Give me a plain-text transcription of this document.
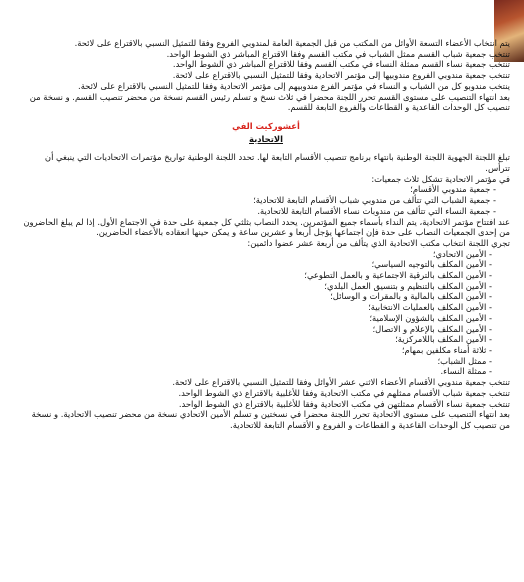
يتم انتخاب الأعضاء التسعة الأوائل من المكتب من قبل الجمعية العامة لمندوبي الفروع وفقا للتمثيل النسبي بالاقتراع على لائحة.

تنتخب جمعية شباب القسم ممثل الشباب في مكتب القسم وفقا الاقتراع المباشر ذي الشوط الواحد.

تنتخب جمعية نساء القسم ممثلة النساء في مكتب القسم وفقا للاقتراع المباشر ذي الشوط الواحد.

تنتخب جمعية مندوبي الفروع مندوبيها إلى مؤتمر الاتحادية وفقا للتمثيل النسبي بالاقتراع على لائحة.

ينتخب مندوبو كل من الشباب و النساء في مؤتمر الفرع مندوبيهم إلى مؤتمر الاتحادية وفقا للتمثيل النسبي بالاقتراع على لائحة.

بعد انتهاء التنصيب على مستوى القسم تحرر اللجنة محضرا في ثلاث نسخ و تسلم رئيس القسم نسخة من محضر تنصيب القسم. و نسخة من تنصيب كل الوحدات القاعدية و القطاعات والفروع التابعة للقسم.

أعشوركيت الفي

الاتحادية

تبلغ اللجنة الجهوية اللجنة الوطنية بانتهاء برنامج تنصيب الأقسام التابعة لها. تحدد اللجنة الوطنية تواريخ مؤتمرات الاتحاديات التي ينبغي أن تترأس.

في مؤتمر الاتحادية تشكل ثلاث جمعيات:

- جمعية مندوبي الأقسام؛
- جمعية الشباب التي تتألف من مندوبي شباب الأقسام التابعة للاتحادية؛
- جمعية النساء التي تتألف من مندوبات نساء الأقسام التابعة للاتحادية.

عند افتتاح مؤتمر الاتحادية، يتم النداء بأسماء جميع المؤتمرين. يحدد النصاب بثلثي كل جمعية على حدة في الاجتماع الأول. إذا لم يبلغ الحاضرون من إحدى الجمعيات النصاب على حدة فإن اجتماعها يؤجل أربعا و عشرين ساعة و يمكن حينها انعقاده بالأعضاء الحاضرين.

تجري اللجنة انتخاب مكتب الاتحادية الذي يتألف من أربعة عشر عضوا دائمين:

- الأمين الاتحادي؛
- الأمين المكلف بالتوجيه السياسي؛
- الأمين المكلف بالترقية الاجتماعية و بالعمل التطوعي؛
- الأمين المكلف بالتنظيم و بتنسيق العمل البلدي؛
- الأمين المكلف بالمالية و بالمقرات و الوسائل؛
- الأمين المكلف بالعمليات الانتخابية؛
- الأمين المكلف بالشؤون الإسلامية؛
- الأمين المكلف بالإعلام و الاتصال؛
- الأمين المكلف باللامركزية؛
- ثلاثة أمناء مكلفين بمهام؛
- ممثل الشباب؛
- ممثلة النساء.

تنتخب جمعية مندوبي الأقسام الأعضاء الاثني عشر الأوائل وفقا للتمثيل النسبي بالاقتراع على لائحة.

تنتخب جمعية شباب الأقسام ممثلهم في مكتب الاتحادية وفقا للأغلبية بالاقتراع ذي الشوط الواحد.

تنتخب جمعية نساء الأقسام ممثلتهن في مكتب الاتحادية وفقا للأغلبية بالاقتراع ذي الشوط الواحد.

بعد انتهاء التنصيب على مستوى الاتحادية تحرر اللجنة محضرا في نسختين و تسلم الأمين الاتحادي نسخة من محضر تنصيب الاتحادية. و نسخة من تنصيب كل الوحدات القاعدية و القطاعات و الفروع و الأقسام التابعة للاتحادية.
